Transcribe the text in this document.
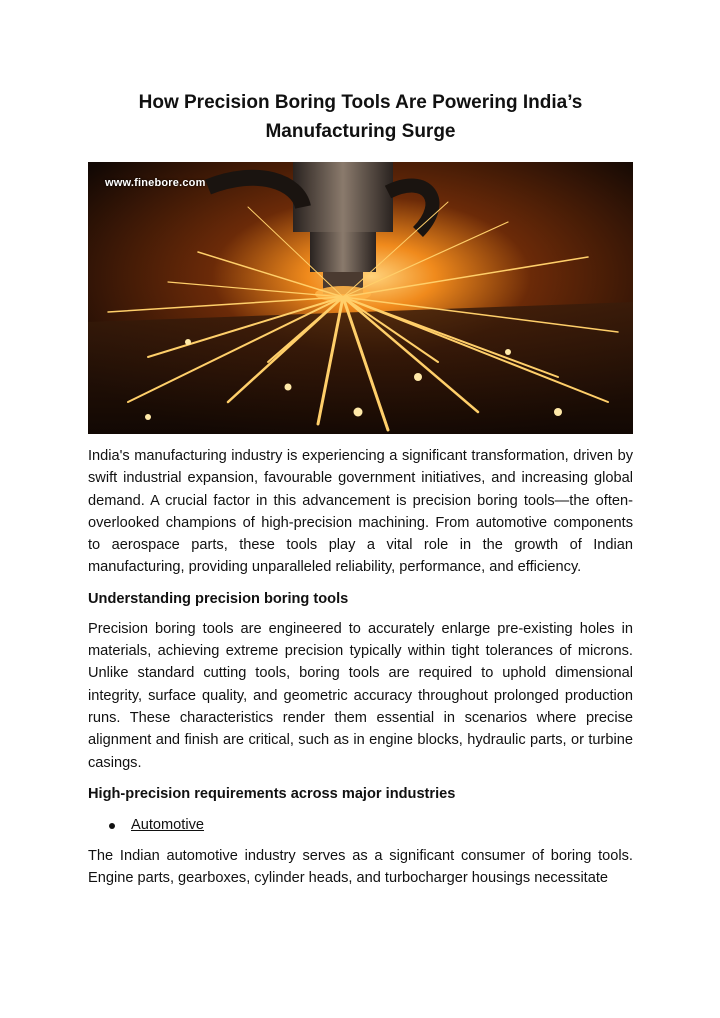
How Precision Boring Tools Are Powering India’s Manufacturing Surge
www.finebore.com

India's manufacturing industry is experiencing a significant transformation, driven by swift industrial expansion, favourable government initiatives, and increasing global demand. A crucial factor in this advancement is precision boring tools—the often-overlooked champions of high-precision machining. From automotive components to aerospace parts, these tools play a vital role in the growth of Indian manufacturing, providing unparalleled reliability, performance, and efficiency.

Understanding precision boring tools

Precision boring tools are engineered to accurately enlarge pre-existing holes in materials, achieving extreme precision typically within tight tolerances of microns. Unlike standard cutting tools, boring tools are required to uphold dimensional integrity, surface quality, and geometric accuracy throughout prolonged production runs. These characteristics render them essential in scenarios where precise alignment and finish are critical, such as in engine blocks, hydraulic parts, or turbine casings.

High-precision requirements across major industries
Automotive

The Indian automotive industry serves as a significant consumer of boring tools. Engine parts, gearboxes, cylinder heads, and turbocharger housings necessitate
